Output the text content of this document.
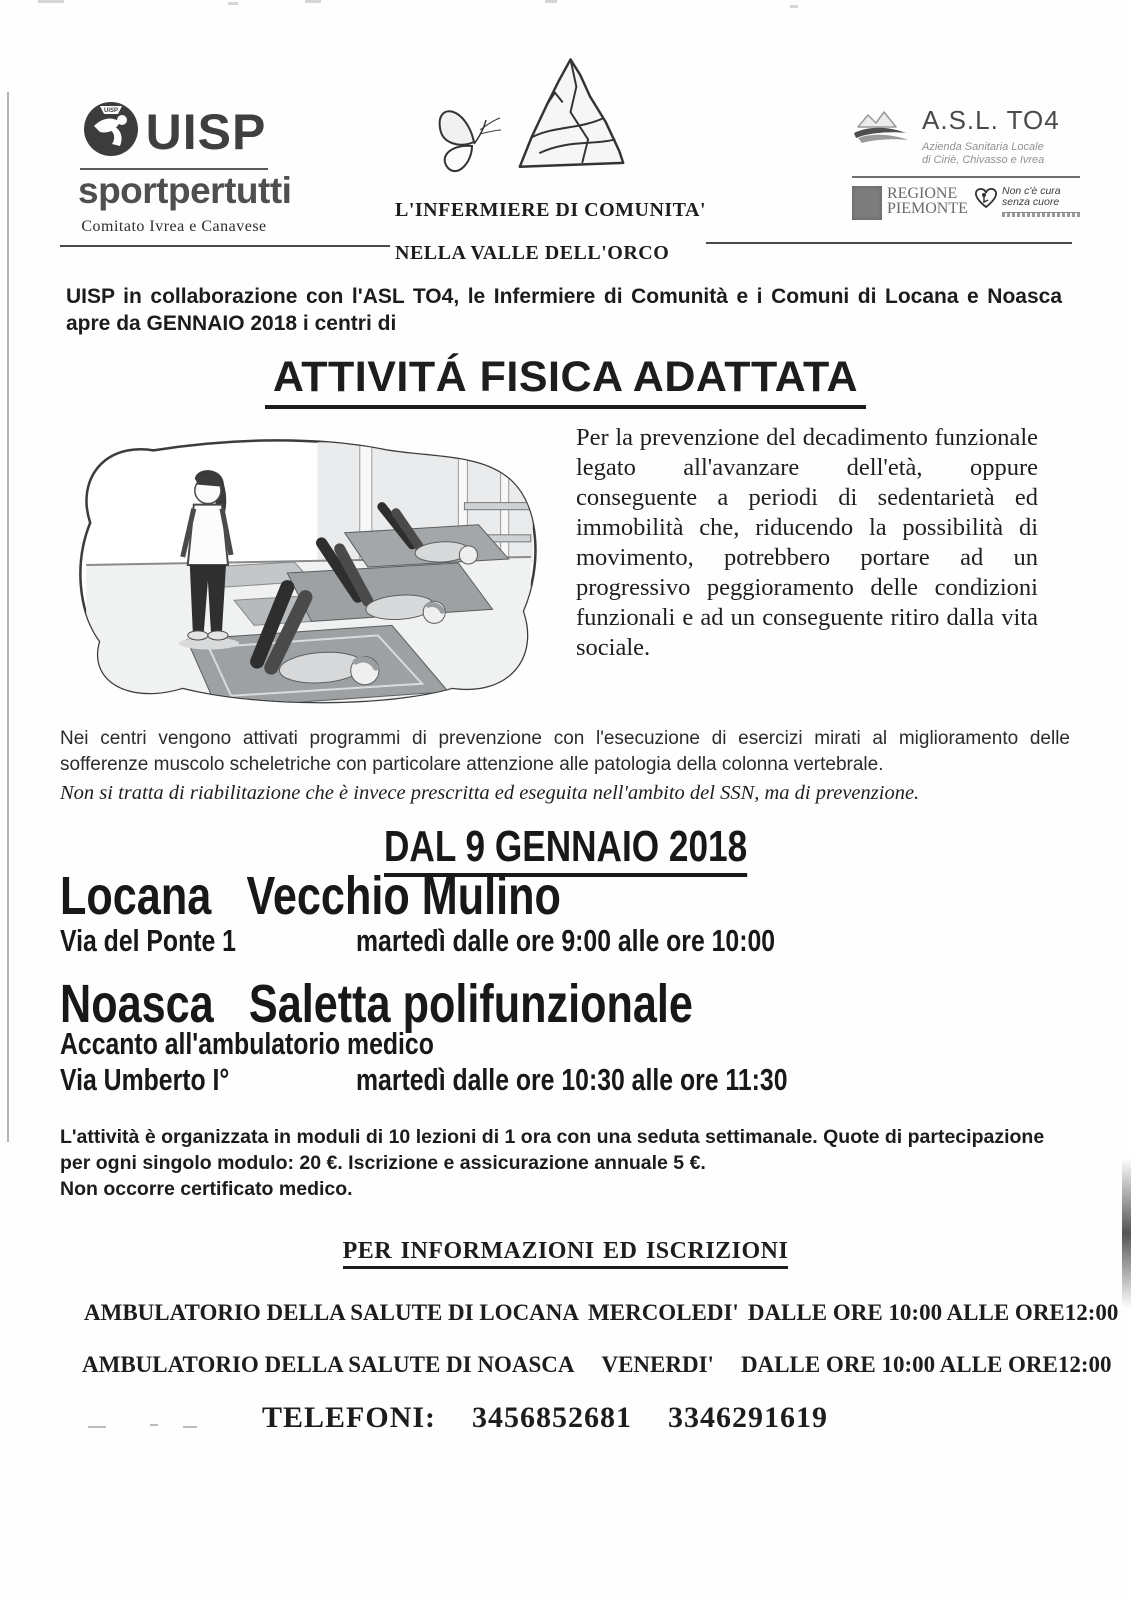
UISP UISP
sportpertutti
Comitato Ivrea e Canavese
L'INFERMIERE DI COMUNITA'
NELLA VALLE DELL'ORCO
A.S.L. TO4
Azienda Sanitaria Locale
di Ciriè, Chivasso e Ivrea
REGIONE
PIEMONTE
Non c'è cura
senza cuore
UISP in collaborazione con l'ASL TO4, le Infermiere di Comunità e i Comuni di Locana e Noasca apre da GENNAIO 2018 i centri di
ATTIVITÁ FISICA ADATTATA
Per la prevenzione del decadimento funzionale legato all'avanzare dell'età, oppure conseguente a periodi di sedentarietà ed immobilità che, riducendo la possibilità di movimento, potrebbero portare ad un progressivo peggioramento delle condizioni funzionali e ad un conseguente ritiro dalla vita sociale.
Nei centri vengono attivati programmi di prevenzione con l'esecuzione di esercizi mirati al miglioramento delle sofferenze muscolo scheletriche con particolare attenzione alle patologia della colonna vertebrale.
Non si tratta di riabilitazione che è invece prescritta ed eseguita nell'ambito del SSN, ma di prevenzione.
DAL 9 GENNAIO 2018
Locana Vecchio Mulino
Via del Ponte 1	martedì dalle ore 9:00 alle ore 10:00
Noasca Saletta polifunzionale
Accanto all'ambulatorio medico
Via Umberto I°	martedì dalle ore 10:30 alle ore 11:30
L'attività è organizzata in moduli di 10 lezioni di 1 ora con una seduta settimanale. Quote di partecipazione per ogni singolo modulo: 20 €. Iscrizione e assicurazione annuale 5 €.
Non occorre certificato medico.
PER INFORMAZIONI ED ISCRIZIONI
AMBULATORIO DELLA SALUTE DI LOCANA MERCOLEDI' DALLE ORE 10:00 ALLE ORE12:00
AMBULATORIO DELLA SALUTE DI NOASCA VENERDI' DALLE ORE 10:00 ALLE ORE12:00
TELEFONI: 3456852681 3346291619
